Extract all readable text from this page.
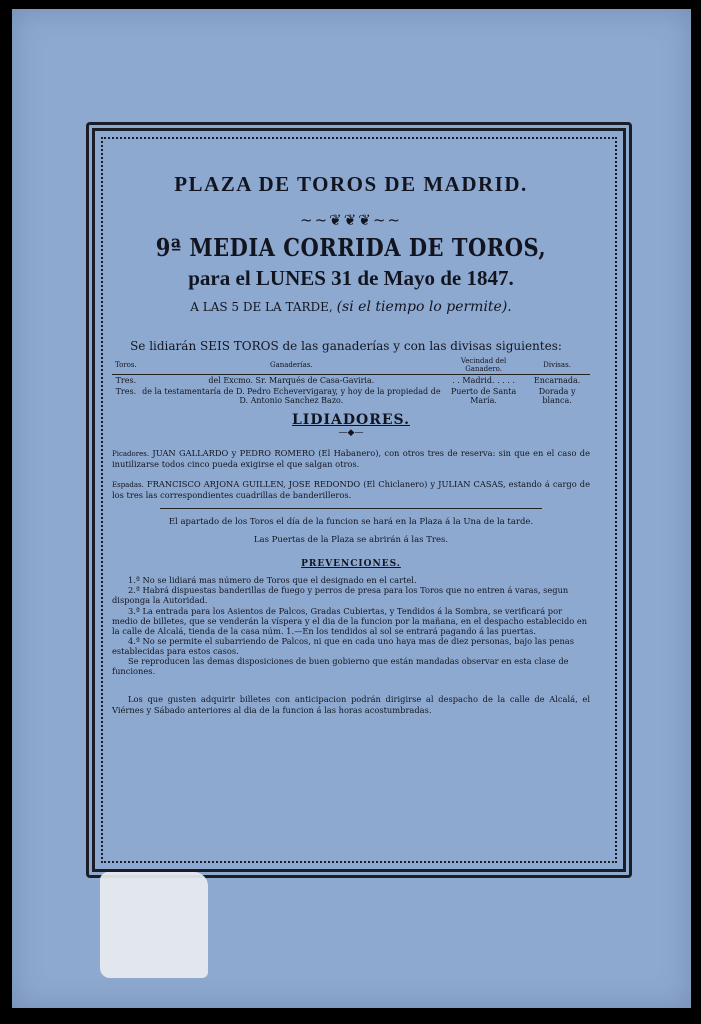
PLAZA DE TOROS DE MADRID.
~~❦❦❦~~
9ª MEDIA CORRIDA DE TOROS,
para el LUNES 31 de Mayo de 1847.
A LAS 5 DE LA TARDE, (si el tiempo lo permite).
Se lidiarán SEIS TOROS de las ganaderías y con las divisas siguientes:
Toros.	Ganaderías.	Vecindad del Ganadero.	Divisas.
Tres.	del Excmo. Sr. Marqués de Casa-Gaviria.	. . Madrid. . . . .	Encarnada.
Tres.	de la testamentaría de D. Pedro Echevervigaray, y hoy de la propiedad de D. Antonio Sanchez Bazo.	Puerto de Santa María.	Dorada y blanca.
LIDIADORES.
—◆—

Picadores. JUAN GALLARDO y PEDRO ROMERO (El Habanero), con otros tres de reserva: sin que en el caso de inutilizarse todos cinco pueda exigirse el que salgan otros.

Espadas. FRANCISCO ARJONA GUILLEN, JOSE REDONDO (El Chiclanero) y JULIAN CASAS, estando á cargo de los tres las correspondientes cuadrillas de banderilleros.

El apartado de los Toros el día de la funcion se hará en la Plaza á la Una de la tarde.
Las Puertas de la Plaza se abrirán á las Tres.
PREVENCIONES.
1.ª No se lidiará mas número de Toros que el designado en el cartel.
2.ª Habrá dispuestas banderillas de fuego y perros de presa para los Toros que no entren á varas, segun disponga la Autoridad.
3.ª La entrada para los Asientos de Palcos, Gradas Cubiertas, y Tendidos á la Sombra, se verificará por medio de billetes, que se venderán la víspera y el dia de la funcion por la mañana, en el despacho establecido en la calle de Alcalá, tienda de la casa núm. 1.—En los tendidos al sol se entrará pagando á las puertas.
4.ª No se permite el subarriendo de Palcos, ni que en cada uno haya mas de diez personas, bajo las penas establecidas para estos casos.

Se reproducen las demas disposiciones de buen gobierno que están mandadas observar en esta clase de funciones.

Los que gusten adquirir billetes con anticipacion podrán dirigirse al despacho de la calle de Alcalá, el Viérnes y Sábado anteriores al dia de la funcion á las horas acostumbradas.
